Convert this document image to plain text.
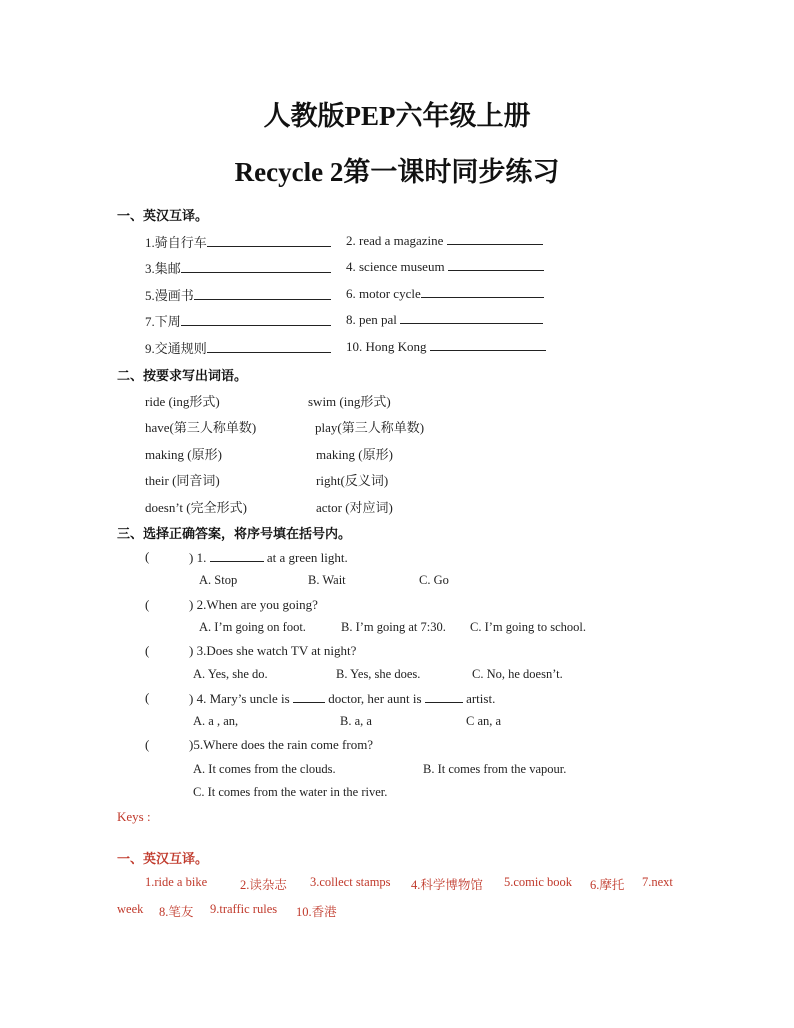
人教版PEP六年级上册
Recycle 2第一课时同步练习
一、英汉互译。
1.骑自行车	2. read a magazine
3.集邮	4. science museum
5.漫画书	6. motor cycle
7.下周	8. pen pal
9.交通规则	10. Hong Kong
二、按要求写出词语。
ride (ing形式)	swim (ing形式)
have(第三人称单数)	play(第三人称单数)
making (原形)	making (原形)
their (同音词)	right(反义词)
doesn’t (完全形式)	actor (对应词)
三、选择正确答案，将序号填在括号内。
(	) 1.	at a green light.
A. Stop	B. Wait	C. Go
(	) 2.When are you going?
A. I’m going on foot.	B. I’m going at 7:30. C. I’m going to school.
(	) 3.Does she watch TV at night?
A. Yes, she do.	B. Yes, she does.	C. No, he doesn’t.
(	) 4. Mary’s uncle is	doctor, her aunt is	artist.
A. a , an,	B. a, a	C an, a
(	)5.Where does the rain come from?
A. It comes from the clouds.	B. It comes from the vapour.
C. It comes from the water in the river.
Keys :
一、英汉互译。
1.ride a bike	2.读杂志 3.collect stamps 4.科学博物馆 5.comic book 6.摩托 7.next
week 8.笔友 9.traffic rules 10.香港
